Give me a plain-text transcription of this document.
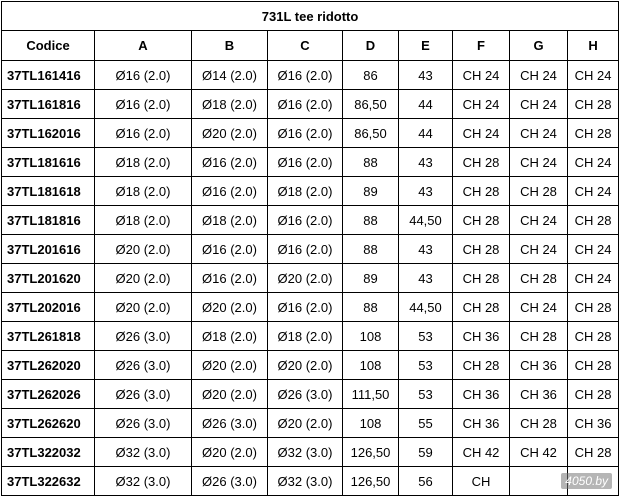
731L tee ridotto								
Codice	A	B	C	D	E	F	G	H
37TL161416	Ø16 (2.0)	Ø14 (2.0)	Ø16 (2.0)	86	43	CH 24	CH 24	CH 24
37TL161816	Ø16 (2.0)	Ø18 (2.0)	Ø16 (2.0)	86,50	44	CH 24	CH 24	CH 28
37TL162016	Ø16 (2.0)	Ø20 (2.0)	Ø16 (2.0)	86,50	44	CH 24	CH 24	CH 28
37TL181616	Ø18 (2.0)	Ø16 (2.0)	Ø16 (2.0)	88	43	CH 28	CH 24	CH 24
37TL181618	Ø18 (2.0)	Ø16 (2.0)	Ø18 (2.0)	89	43	CH 28	CH 28	CH 24
37TL181816	Ø18 (2.0)	Ø18 (2.0)	Ø16 (2.0)	88	44,50	CH 28	CH 24	CH 28
37TL201616	Ø20 (2.0)	Ø16 (2.0)	Ø16 (2.0)	88	43	CH 28	CH 24	CH 24
37TL201620	Ø20 (2.0)	Ø16 (2.0)	Ø20 (2.0)	89	43	CH 28	CH 28	CH 24
37TL202016	Ø20 (2.0)	Ø20 (2.0)	Ø16 (2.0)	88	44,50	CH 28	CH 24	CH 28
37TL261818	Ø26 (3.0)	Ø18 (2.0)	Ø18 (2.0)	108	53	CH 36	CH 28	CH 28
37TL262020	Ø26 (3.0)	Ø20 (2.0)	Ø20 (2.0)	108	53	CH 28	CH 36	CH 28
37TL262026	Ø26 (3.0)	Ø20 (2.0)	Ø26 (3.0)	111,50	53	CH 36	CH 36	CH 28
37TL262620	Ø26 (3.0)	Ø26 (3.0)	Ø20 (2.0)	108	55	CH 36	CH 28	CH 36
37TL322032	Ø32 (3.0)	Ø20 (2.0)	Ø32 (3.0)	126,50	59	CH 42	CH 42	CH 28
37TL322632	Ø32 (3.0)	Ø26 (3.0)	Ø32 (3.0)	126,50	56	CH			4050.by
